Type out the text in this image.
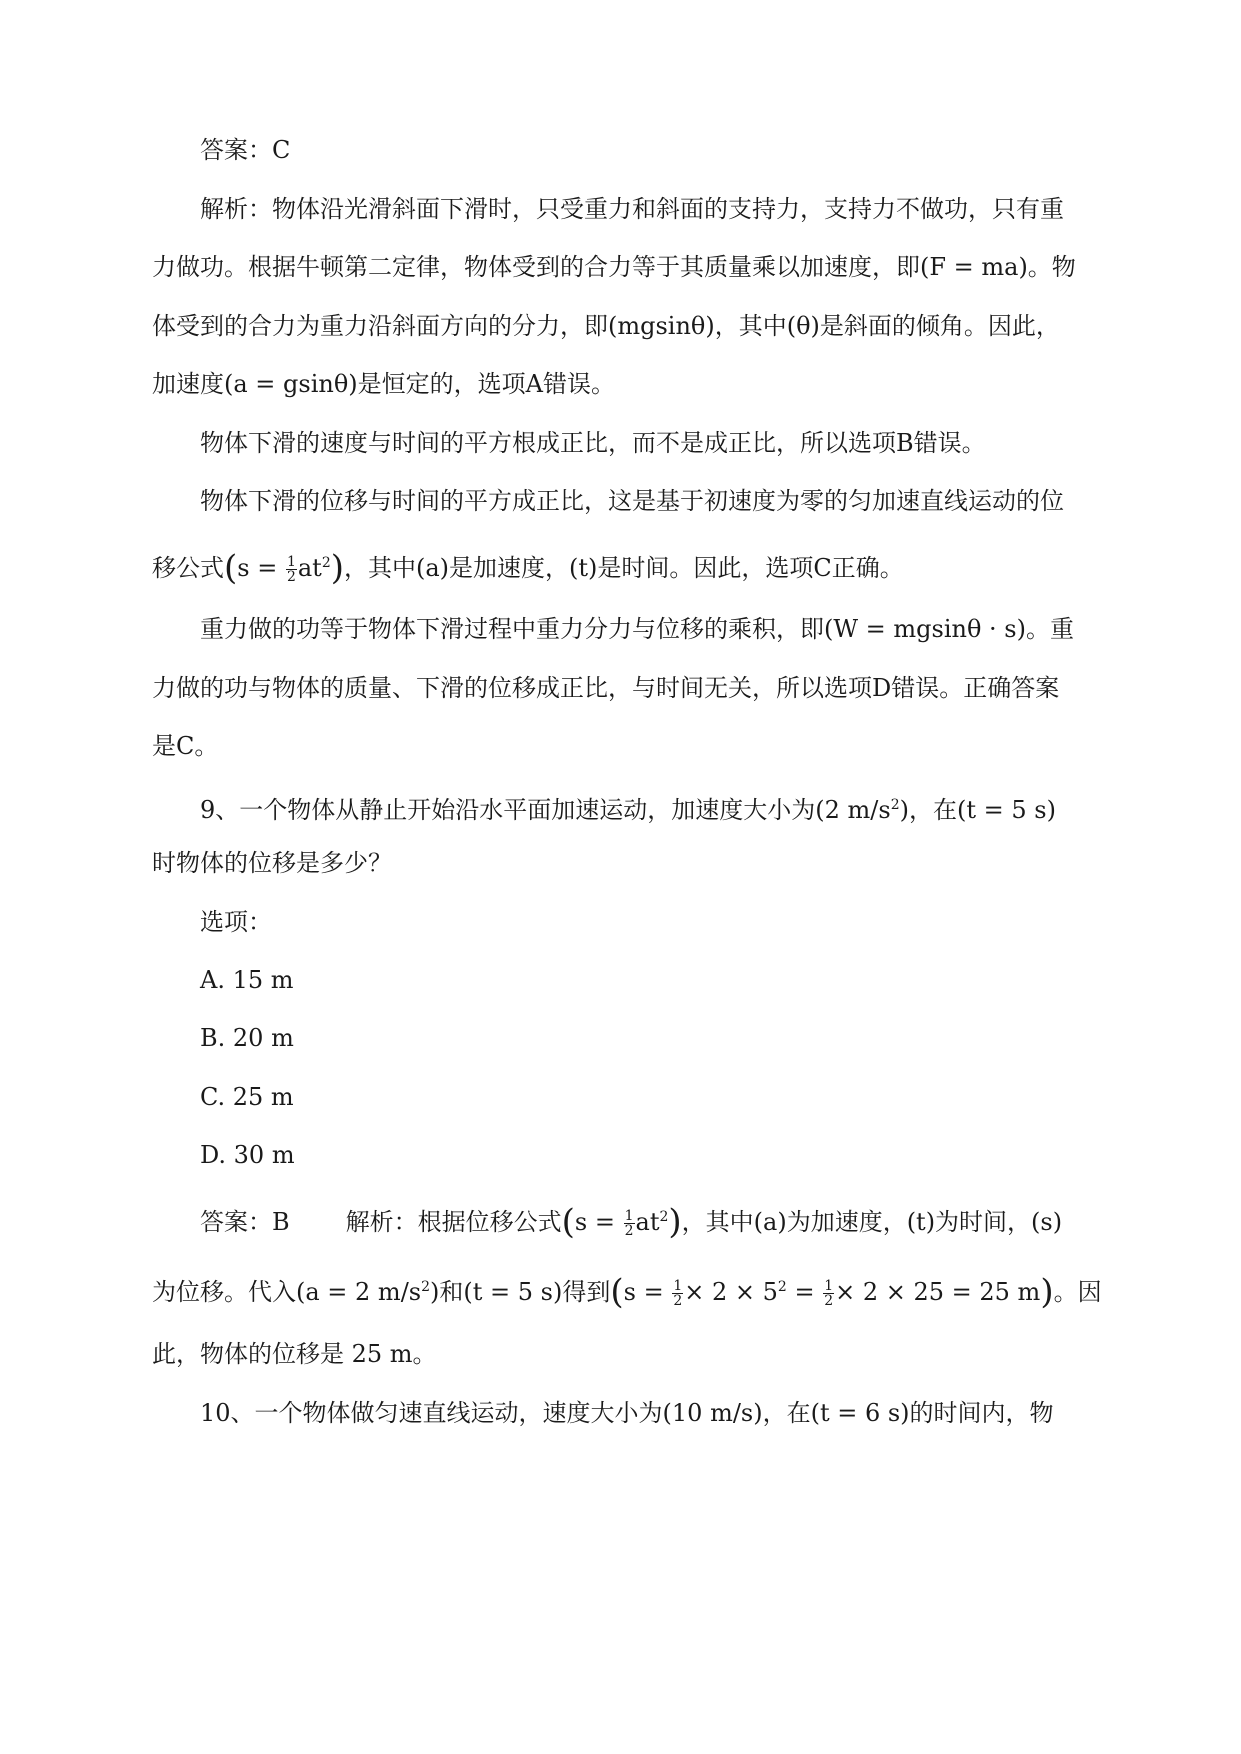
答案：C
解析：物体沿光滑斜面下滑时，只受重力和斜面的支持力，支持力不做功，只有重
力做功。根据牛顿第二定律，物体受到的合力等于其质量乘以加速度，即(F = ma)。物
体受到的合力为重力沿斜面方向的分力，即(mgsinθ)，其中(θ)是斜面的倾角。因此，
加速度(a = gsinθ)是恒定的，选项A错误。
物体下滑的速度与时间的平方根成正比，而不是成正比，所以选项B错误。
物体下滑的位移与时间的平方成正比，这是基于初速度为零的匀加速直线运动的位
移公式$(s = \frac{1}{2} at^2)$，其中(a)是加速度，(t)是时间。因此，选项C正确。
重力做的功等于物体下滑过程中重力分力与位移的乘积，即(W = mgsinθ · s)。重
力做的功与物体的质量、下滑的位移成正比，与时间无关，所以选项D错误。正确答案
是C。
9、一个物体从静止开始沿水平面加速运动，加速度大小为(2 $m/s^2$)，在(t = 5 s)
时物体的位移是多少？
选项：
A. 15 m
B. 20 m
C. 25 m
D. 30 m
答案：B 解析：根据位移公式$(s = \frac{1}{2} at^2)$，其中(a)为加速度，(t)为时间，(s)
为位移。代入(a = 2 $m/s^2$)和(t = 5 s)得到($s = \frac{1}{2} \times 2 \times 5^2 = \frac{1}{2} \times 2 \times 25 = 25$ m)。因
此，物体的位移是 25 m。
10、一个物体做匀速直线运动，速度大小为(10 m/s)，在(t = 6 s)的时间内，物
